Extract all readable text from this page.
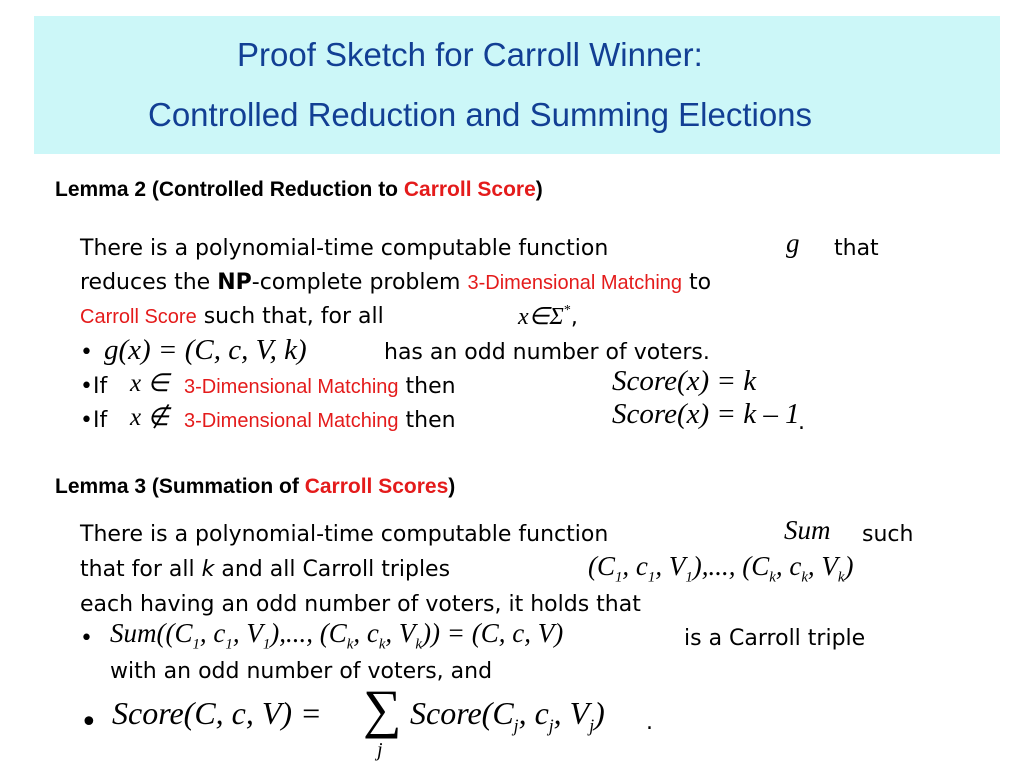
Proof Sketch for Carroll Winner:
Controlled Reduction and Summing Elections
Lemma 2 (Controlled Reduction to Carroll Score)
There is a polynomial-time computable function	g that
reduces the NP-complete problem 3-Dimensional Matching to
Carroll Score such that, for all	x∈Σ*,
• g(x) = (C, c, V, k)	has an odd number of voters.
•If x ∈ 3-Dimensional Matching then	Score(x) = k
•If x ∉ 3-Dimensional Matching then	Score(x) = k – 1
.
Lemma 3 (Summation of Carroll Scores)
There is a polynomial-time computable function	Sum such
that for all k and all Carroll triples	($C_1$, $c_1$, $V_1$),..., ($C_k$, $c_k$, $V_k$)
each having an odd number of voters, it holds that
• $Sum((C_1$, $c_1$, $V_1$),..., ($C_k$, $c_k$, $V_k)) = (C$, c, V)	is a Carroll triple
with an odd number of voters, and
• Score(C, c, V) = ∑
j
$Score(C_j$, $c_j$, $V_j$) .
